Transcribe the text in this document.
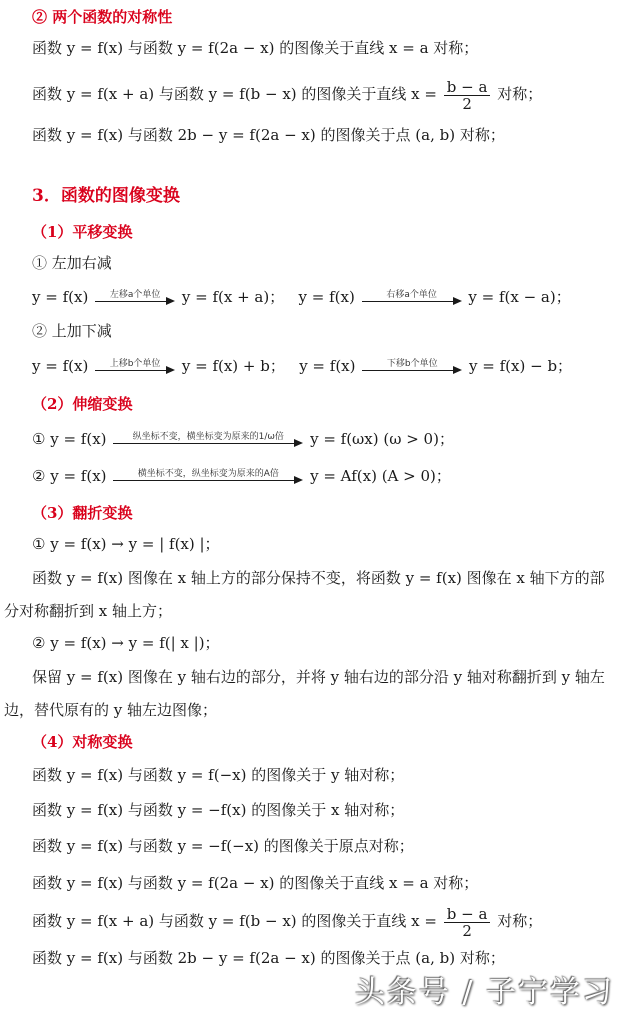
② 两个函数的对称性
函数 y = f(x) 与函数 y = f(2a − x) 的图像关于直线 x = a 对称；
函数 y = f(x + a) 与函数 y = f(b − x) 的图像关于直线 $x = \frac{b - a}{2}$ 对称；
函数 y = f(x) 与函数 2b − y = f(2a − x) 的图像关于点 (a, b) 对称；
3．函数的图像变换
（1）平移变换
① 左加右减
y = f(x)	左移a个单位	y = f(x + a)； y = f(x)	右移a个单位	y = f(x − a)；
② 上加下减
y = f(x)	上移b个单位	y = f(x) + b； y = f(x)	下移b个单位	y = f(x) − b；
（2）伸缩变换
① y = f(x)	纵坐标不变，横坐标变为原来的1/ω倍	y = f(ωx) (ω > 0)；
② y = f(x)	横坐标不变，纵坐标变为原来的A倍	y = Af(x) (A > 0)；
（3）翻折变换
① y = f(x) → y = | f(x) |；
函数 y = f(x) 图像在 x 轴上方的部分保持不变，将函数 y = f(x) 图像在 x 轴下方的部
分对称翻折到 x 轴上方；
② y = f(x) → y = f(| x |)；
保留 y = f(x) 图像在 y 轴右边的部分，并将 y 轴右边的部分沿 y 轴对称翻折到 y 轴左
边，替代原有的 y 轴左边图像；
（4）对称变换
函数 y = f(x) 与函数 y = f(−x) 的图像关于 y 轴对称；
函数 y = f(x) 与函数 y = −f(x) 的图像关于 x 轴对称；
函数 y = f(x) 与函数 y = −f(−x) 的图像关于原点对称；
函数 y = f(x) 与函数 y = f(2a − x) 的图像关于直线 x = a 对称；
函数 y = f(x + a) 与函数 y = f(b − x) 的图像关于直线 $x = \frac{b - a}{2}$ 对称；
函数 y = f(x) 与函数 2b − y = f(2a − x) 的图像关于点 (a, b) 对称；
头条号 / 子宁学习
